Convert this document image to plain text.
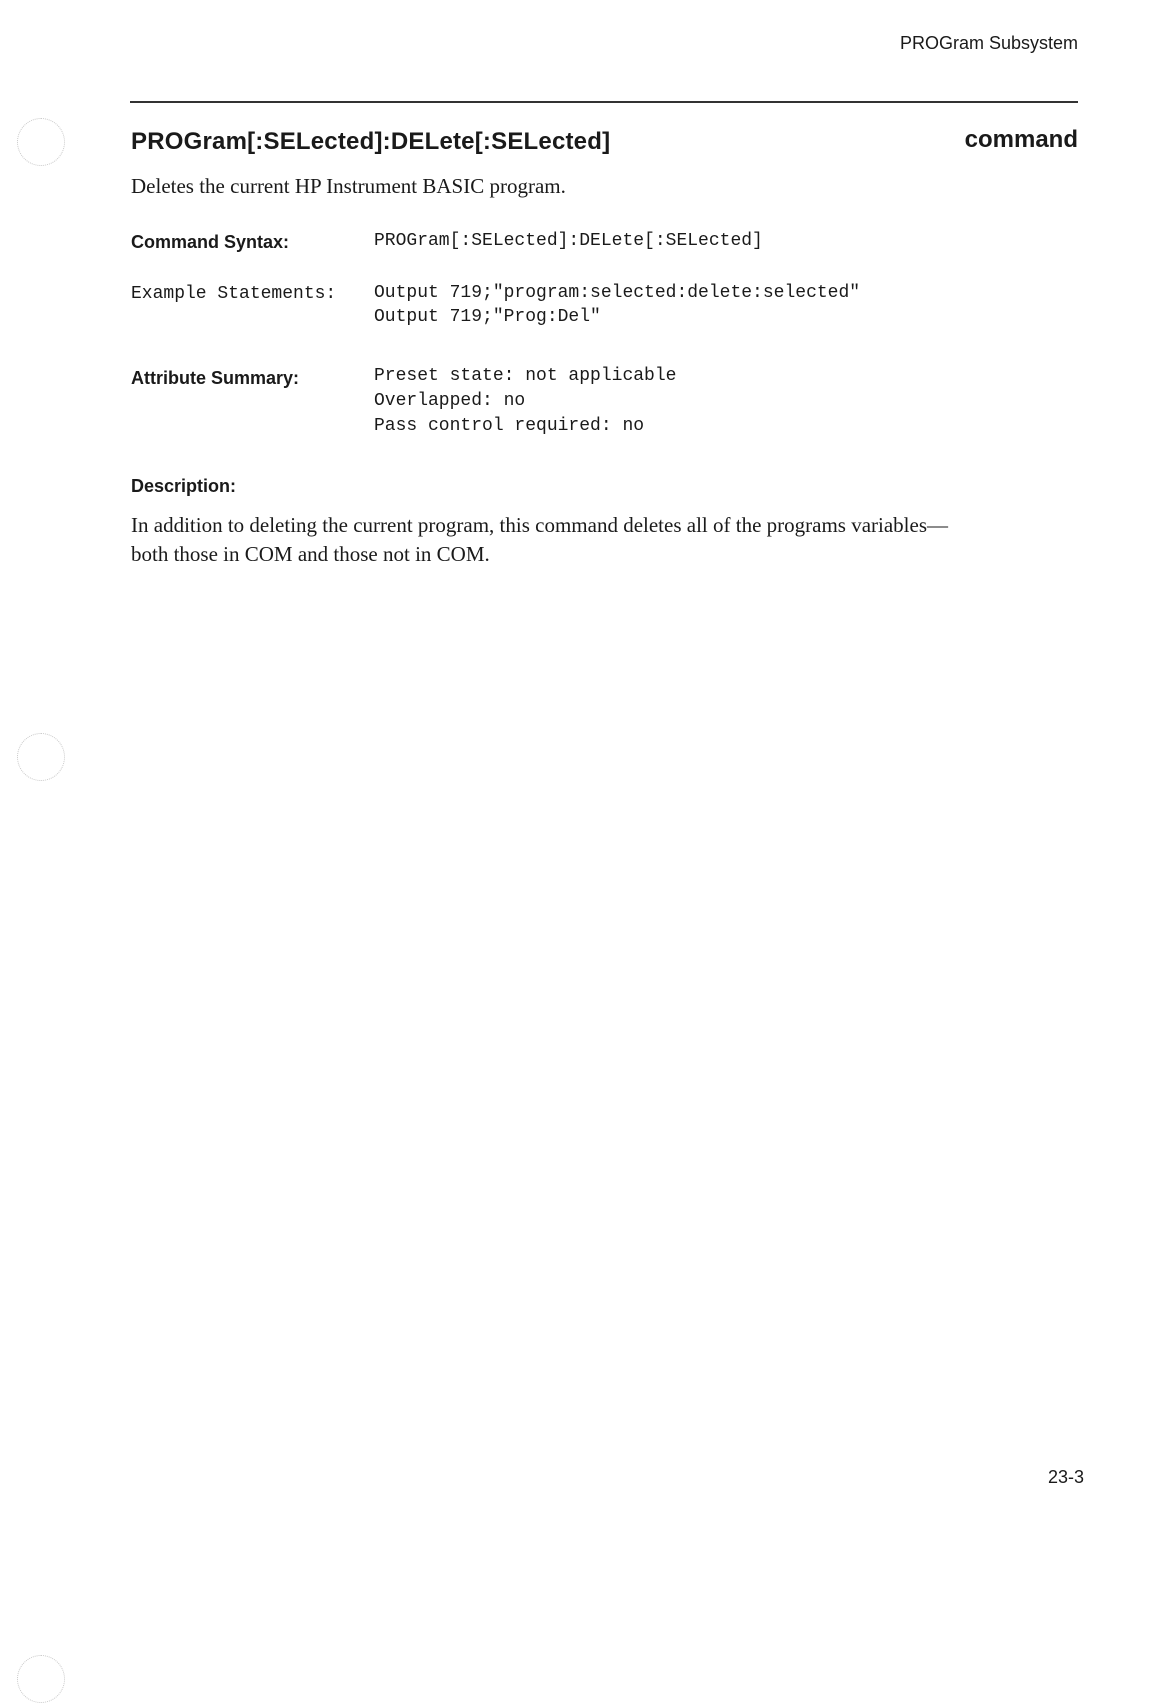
PROGram Subsystem
PROGram[:SELected]:DELete[:SELected]	command
Deletes the current HP Instrument BASIC program.
Command Syntax:	PROGram[:SELected]:DELete[:SELected]
Example Statements: Output 719;"program:selected:delete:selected"
Output 719;"Prog:Del"
Attribute Summary:	Preset state: not applicable
Overlapped: no
Pass control required: no
Description:
In addition to deleting the current program, this command deletes all of the programs variables—both those in COM and those not in COM.
23-3
